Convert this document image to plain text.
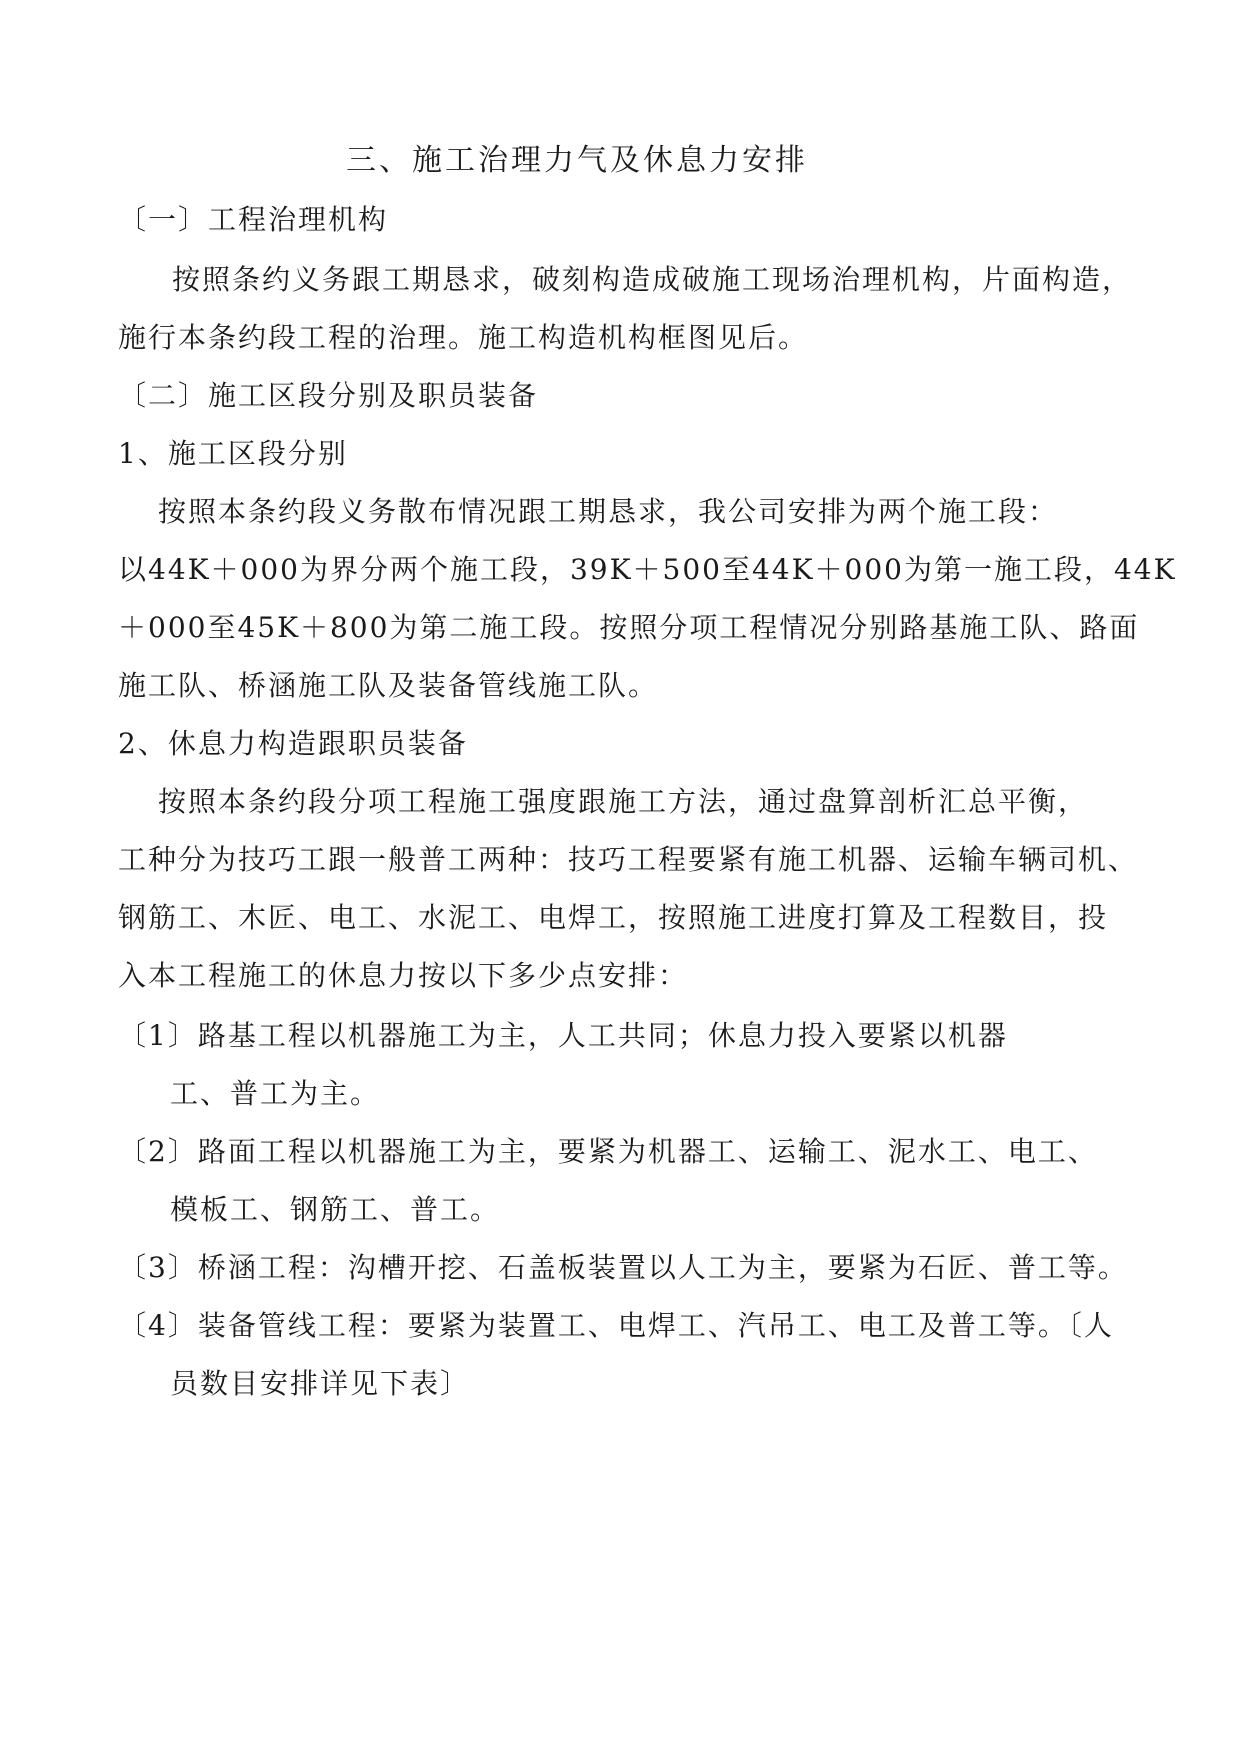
三、施工治理力气及休息力安排
〔一〕工程治理机构
按照条约义务跟工期恳求，破刻构造成破施工现场治理机构，片面构造，
施行本条约段工程的治理。施工构造机构框图见后。
〔二〕施工区段分别及职员装备
1、施工区段分别
按照本条约段义务散布情况跟工期恳求，我公司安排为两个施工段：
以44K＋000为界分两个施工段，39K＋500至44K＋000为第一施工段，44K
＋000至45K＋800为第二施工段。按照分项工程情况分别路基施工队、路面
施工队、桥涵施工队及装备管线施工队。
2、休息力构造跟职员装备
按照本条约段分项工程施工强度跟施工方法，通过盘算剖析汇总平衡，
工种分为技巧工跟一般普工两种：技巧工程要紧有施工机器、运输车辆司机、
钢筋工、木匠、电工、水泥工、电焊工，按照施工进度打算及工程数目，投
入本工程施工的休息力按以下多少点安排：
〔1〕路基工程以机器施工为主，人工共同；休息力投入要紧以机器
工、普工为主。
〔2〕路面工程以机器施工为主，要紧为机器工、运输工、泥水工、电工、
模板工、钢筋工、普工。
〔3〕桥涵工程：沟槽开挖、石盖板装置以人工为主，要紧为石匠、普工等。
〔4〕装备管线工程：要紧为装置工、电焊工、汽吊工、电工及普工等。〔人
员数目安排详见下表〕
